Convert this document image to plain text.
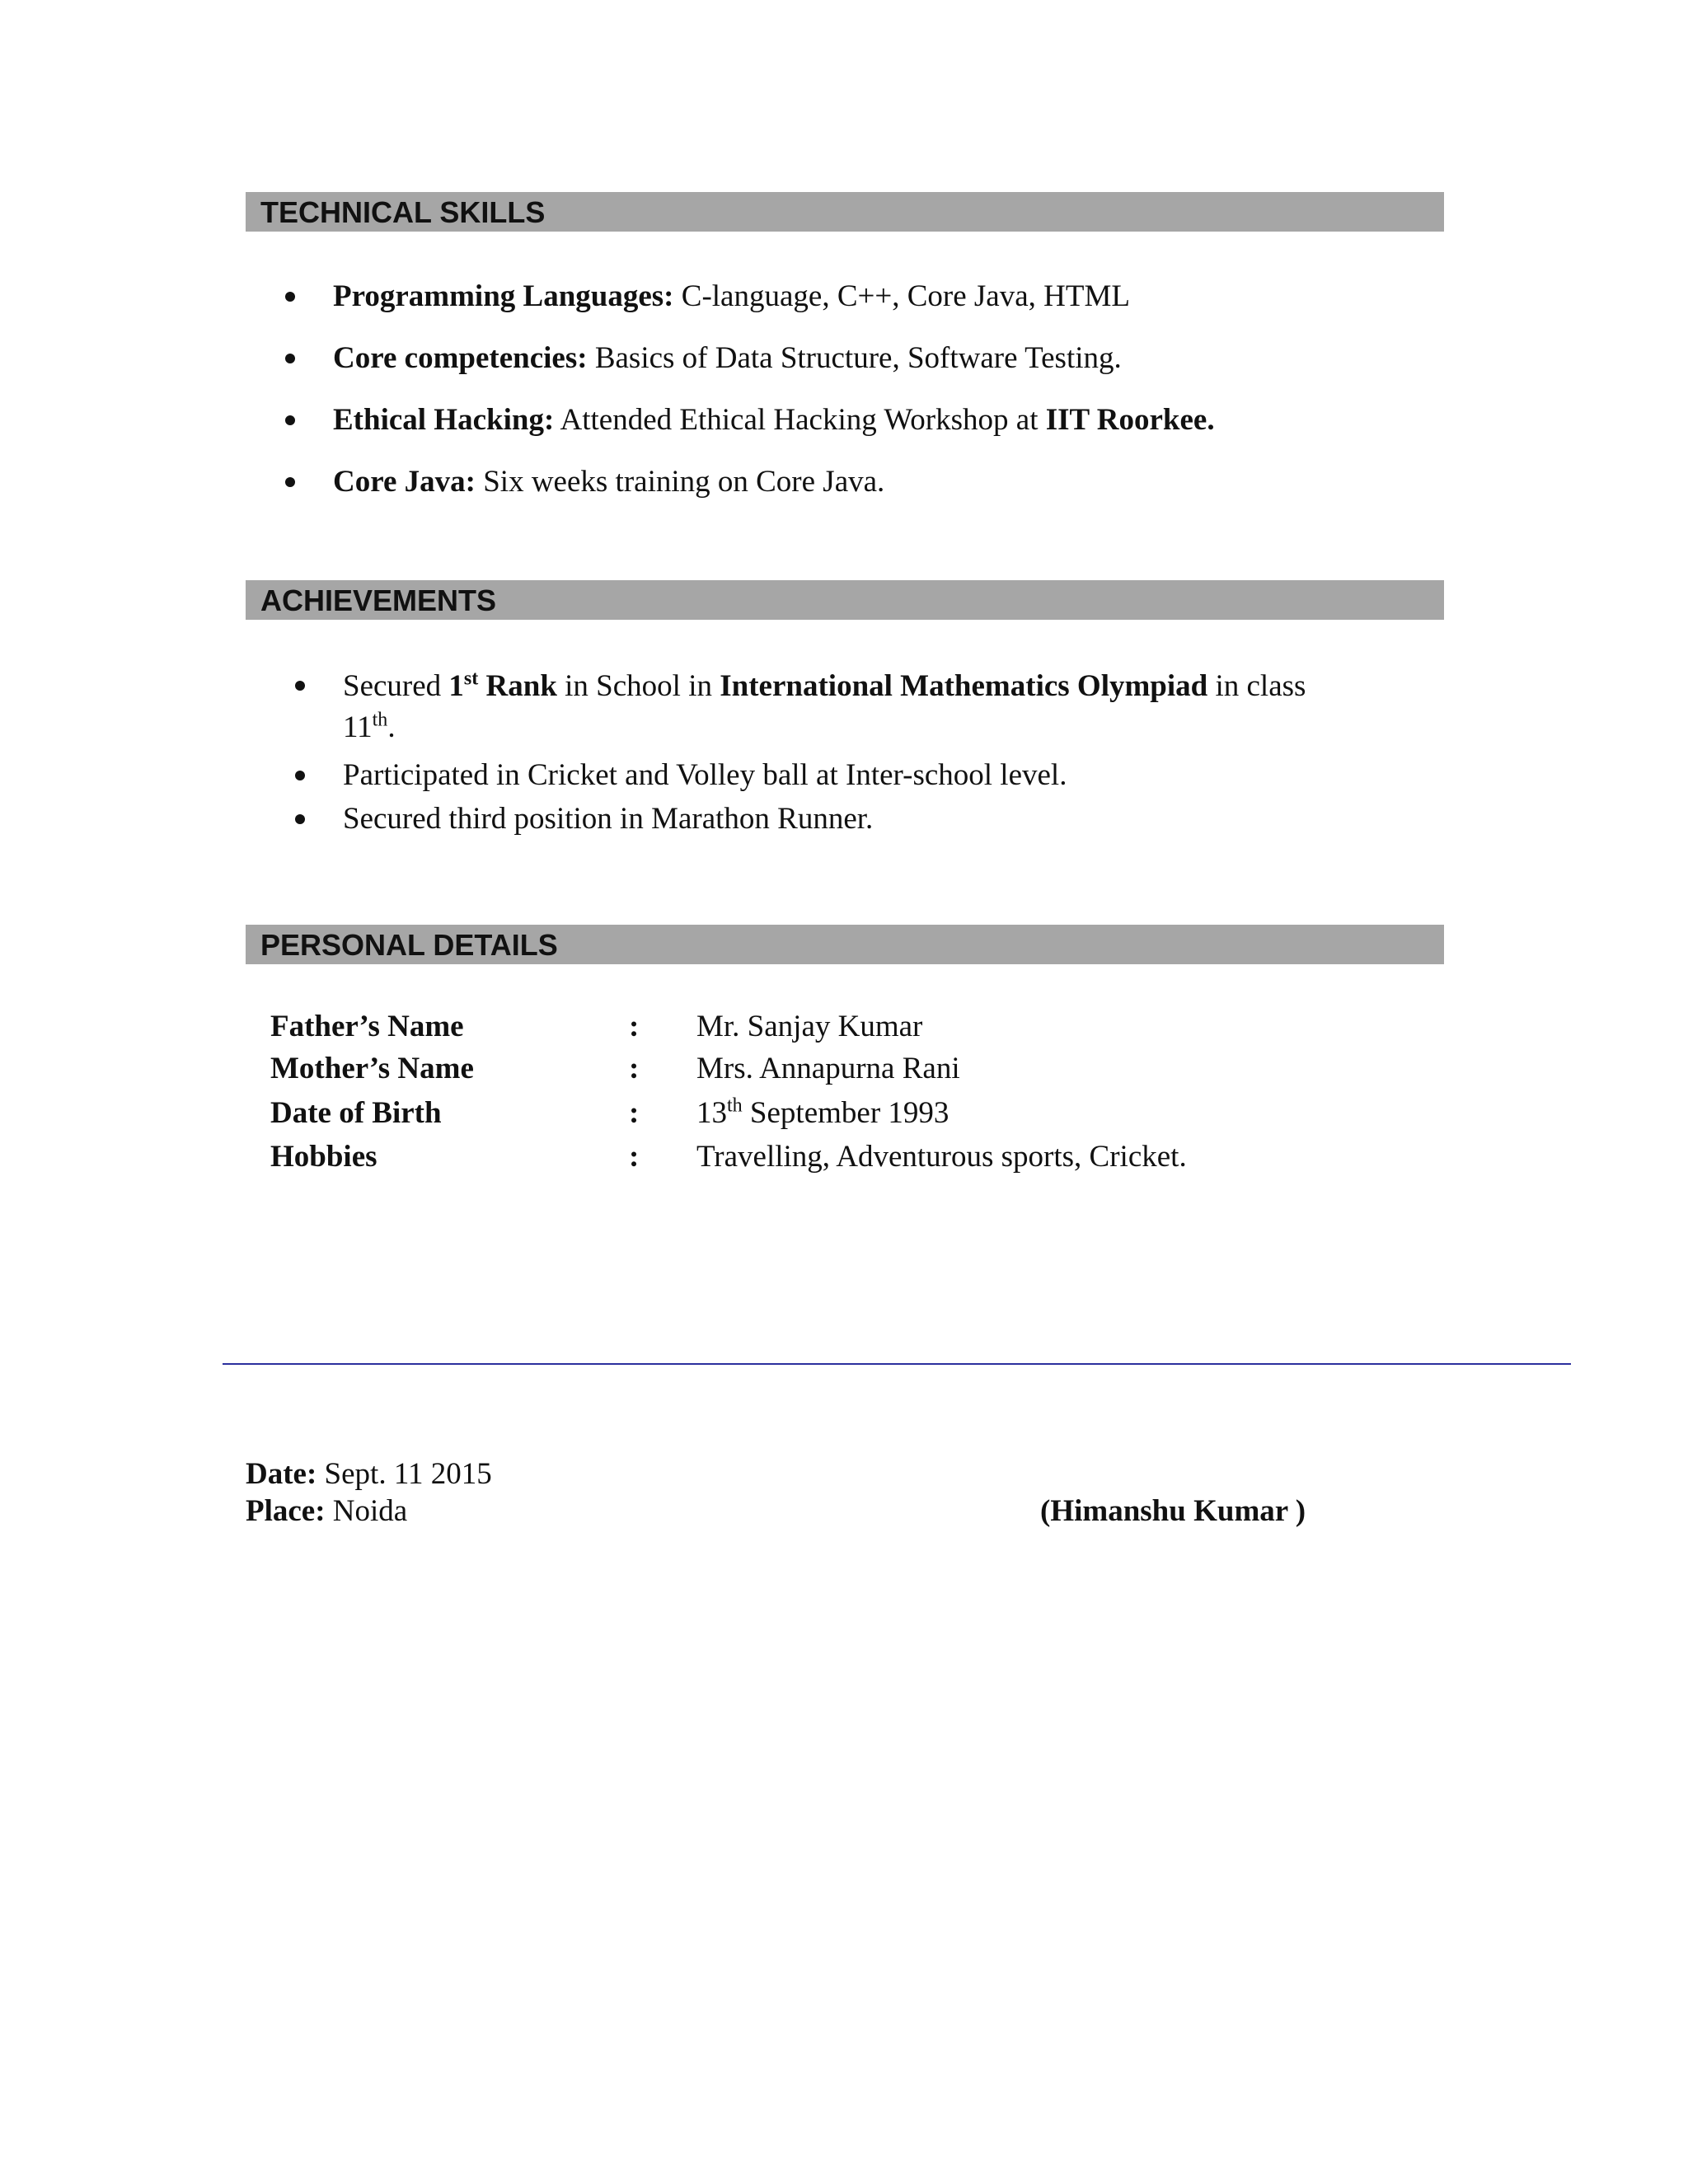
TECHNICAL SKILLS
Programming Languages: C-language, C++, Core Java, HTML
Core competencies: Basics of Data Structure, Software Testing.
Ethical Hacking: Attended Ethical Hacking Workshop at IIT Roorkee.
Core Java: Six weeks training on Core Java.
ACHIEVEMENTS
Secured 1st Rank in School in International Mathematics Olympiad in class
11th.
Participated in Cricket and Volley ball at Inter-school level.
Secured third position in Marathon Runner.
PERSONAL DETAILS
Father’s Name	: Mr. Sanjay Kumar
Mother’s Name	: Mrs. Annapurna Rani
Date of Birth	: 13th September 1993
Hobbies	: Travelling, Adventurous sports, Cricket.
Date: Sept. 11 2015
Place: Noida	(Himanshu Kumar )
